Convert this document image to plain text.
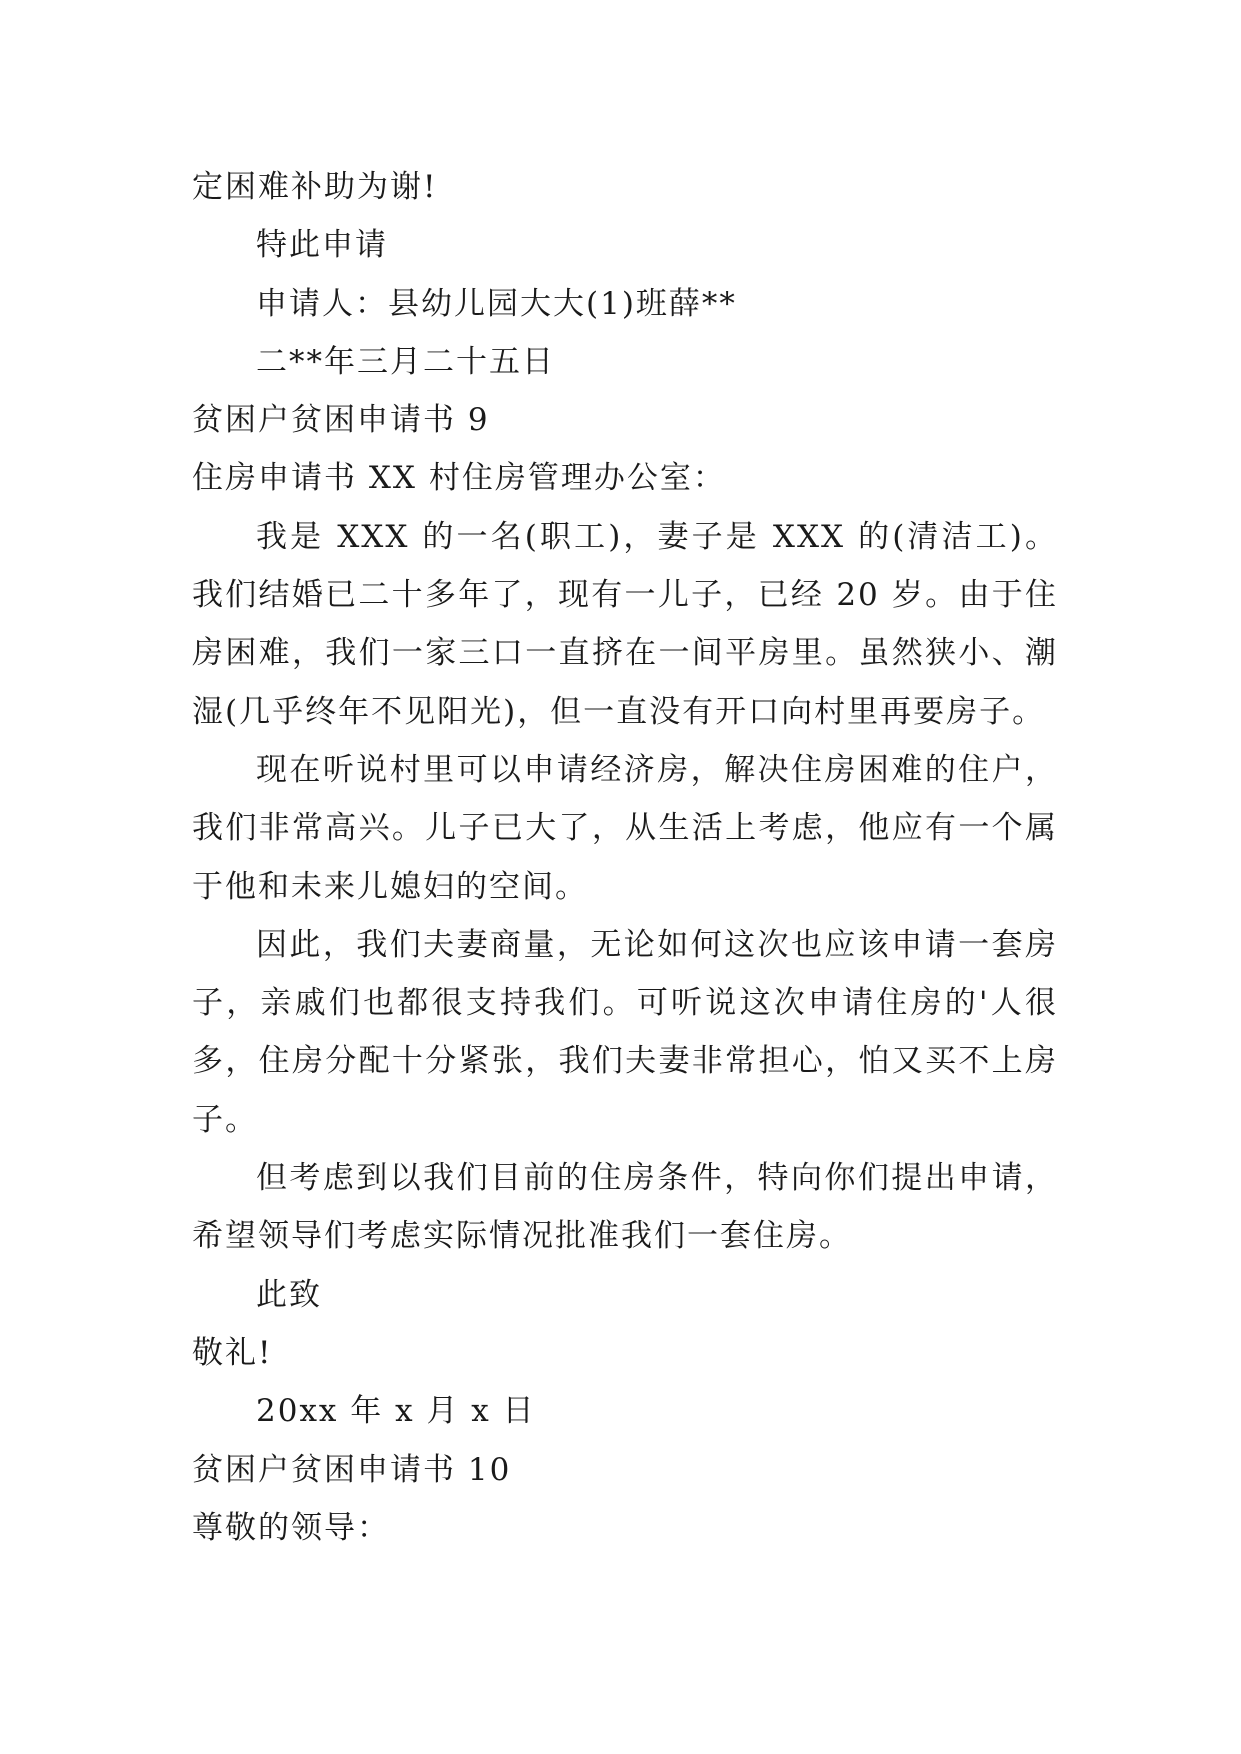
定困难补助为谢!
特此申请
申请人：县幼儿园大大(1)班薛**
二**年三月二十五日
贫困户贫困申请书 9
住房申请书 XX 村住房管理办公室：

我是 XXX 的一名(职工)，妻子是 XXX 的(清洁工)。我们结婚已二十多年了，现有一儿子，已经 20 岁。由于住房困难，我们一家三口一直挤在一间平房里。虽然狭小、潮湿(几乎终年不见阳光)，但一直没有开口向村里再要房子。

现在听说村里可以申请经济房，解决住房困难的住户，我们非常高兴。儿子已大了，从生活上考虑，他应有一个属于他和未来儿媳妇的空间。

因此，我们夫妻商量，无论如何这次也应该申请一套房子，亲戚们也都很支持我们。可听说这次申请住房的'人很多，住房分配十分紧张，我们夫妻非常担心，怕又买不上房子。

但考虑到以我们目前的住房条件，特向你们提出申请，希望领导们考虑实际情况批准我们一套住房。

此致
敬礼!
20xx 年 x 月 x 日
贫困户贫困申请书 10
尊敬的领导：
